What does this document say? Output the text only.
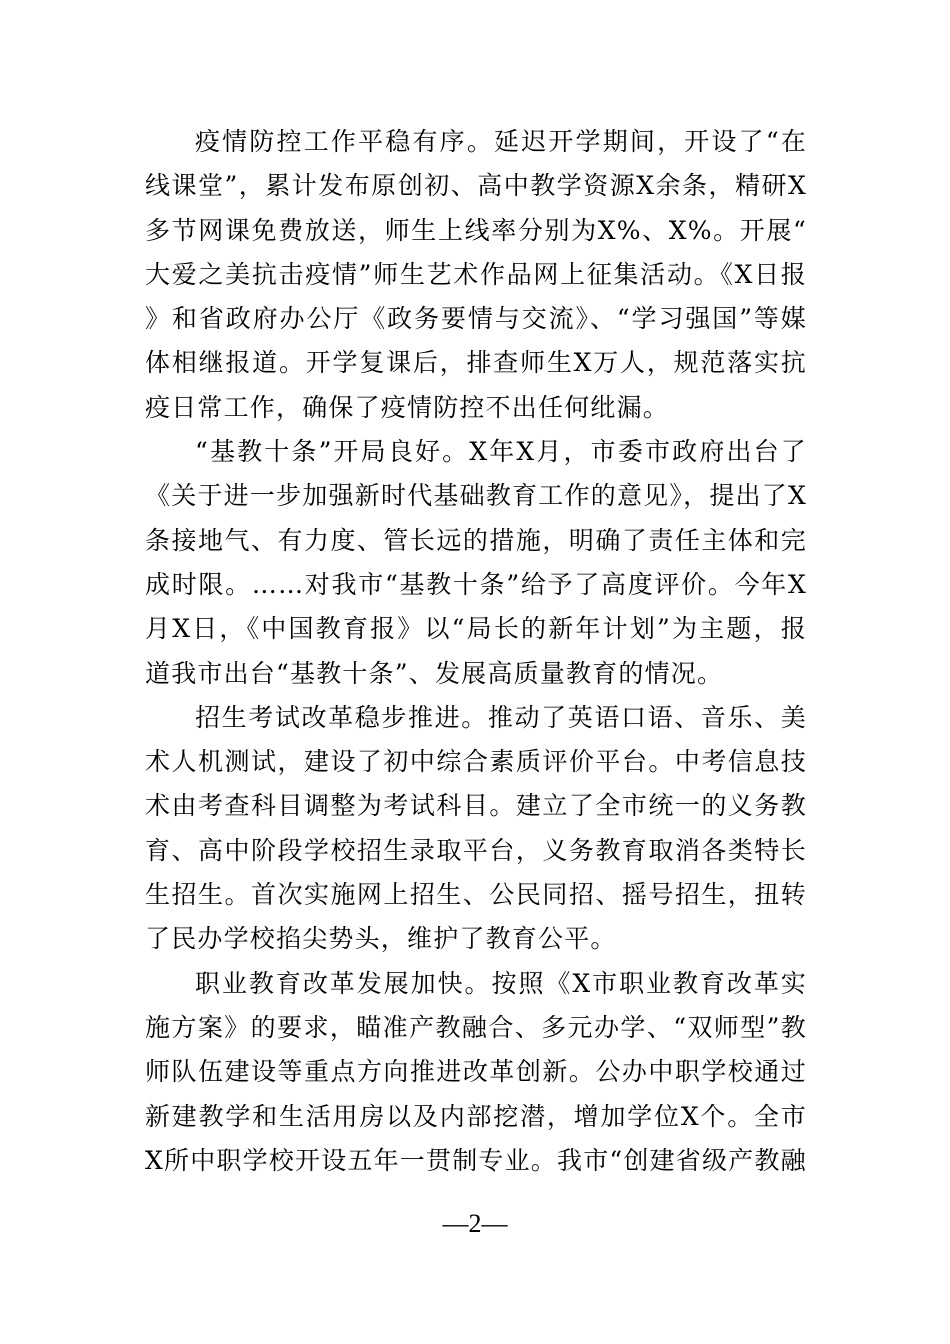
疫情防控工作平稳有序。延迟开学期间，开设了“在线课堂”，累计发布原创初、高中教学资源X余条，精研X多节网课免费放送，师生上线率分别为X%、X%。开展“大爱之美抗击疫情”师生艺术作品网上征集活动。《X日报》和省政府办公厅《政务要情与交流》、“学习强国”等媒体相继报道。开学复课后，排查师生X万人，规范落实抗疫日常工作，确保了疫情防控不出任何纰漏。

“基教十条”开局良好。X年X月，市委市政府出台了《关于进一步加强新时代基础教育工作的意见》，提出了X条接地气、有力度、管长远的措施，明确了责任主体和完成时限。……对我市“基教十条”给予了高度评价。今年X月X日，《中国教育报》以“局长的新年计划”为主题，报道我市出台“基教十条”、发展高质量教育的情况。

招生考试改革稳步推进。推动了英语口语、音乐、美术人机测试，建设了初中综合素质评价平台。中考信息技术由考查科目调整为考试科目。建立了全市统一的义务教育、高中阶段学校招生录取平台，义务教育取消各类特长生招生。首次实施网上招生、公民同招、摇号招生，扭转了民办学校掐尖势头，维护了教育公平。

职业教育改革发展加快。按照《X市职业教育改革实施方案》的要求，瞄准产教融合、多元办学、“双师型”教师队伍建设等重点方向推进改革创新。公办中职学校通过新建教学和生活用房以及内部挖潜，增加学位X个。全市X所中职学校开设五年一贯制专业。我市“创建省级产教融

—2—
